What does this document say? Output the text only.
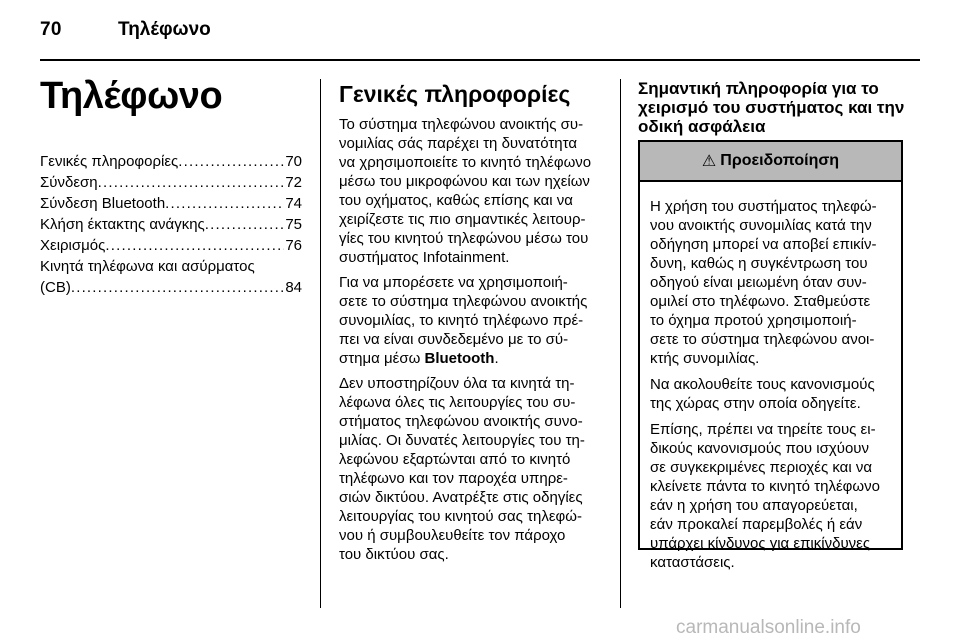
70	Τηλέφωνο
Τηλέφωνο
Γενικές πληροφορίες .....	70
Σύνδεση .....	72
Σύνδεση Bluetooth .....	74
Κλήση έκτακτης ανάγκης .....	75
Χειρισμός .....	76
Κινητά τηλέφωνα και ασύρματος
(CB) .....	84
Γενικές πληροφορίες
Το σύστημα τηλεφώνου ανοικτής συ-
νομιλίας σάς παρέχει τη δυνατότητα
να χρησιμοποιείτε το κινητό τηλέφωνο
μέσω του μικροφώνου και των ηχείων
του οχήματος, καθώς επίσης και να
χειρίζεστε τις πιο σημαντικές λειτουρ-
γίες του κινητού τηλεφώνου μέσω του
συστήματος Infotainment.
Για να μπορέσετε να χρησιμοποιή-
σετε το σύστημα τηλεφώνου ανοικτής
συνομιλίας, το κινητό τηλέφωνο πρέ-
πει να είναι συνδεδεμένο με το σύ-
στημα μέσω Bluetooth.
Δεν υποστηρίζουν όλα τα κινητά τη-
λέφωνα όλες τις λειτουργίες του συ-
στήματος τηλεφώνου ανοικτής συνο-
μιλίας. Οι δυνατές λειτουργίες του τη-
λεφώνου εξαρτώνται από το κινητό
τηλέφωνο και τον παροχέα υπηρε-
σιών δικτύου. Ανατρέξτε στις οδηγίες
λειτουργίας του κινητού σας τηλεφώ-
νου ή συμβουλευθείτε τον πάροχο
του δικτύου σας.
Σημαντική πληροφορία για το
χειρισμό του συστήματος και την
οδική ασφάλεια
⚠ Προειδοποίηση
Η χρήση του συστήματος τηλεφώ-
νου ανοικτής συνομιλίας κατά την
οδήγηση μπορεί να αποβεί επικίν-
δυνη, καθώς η συγκέντρωση του
οδηγού είναι μειωμένη όταν συν-
ομιλεί στο τηλέφωνο. Σταθμεύστε
το όχημα προτού χρησιμοποιή-
σετε το σύστημα τηλεφώνου ανοι-
κτής συνομιλίας.
Να ακολουθείτε τους κανονισμούς
της χώρας στην οποία οδηγείτε.
Επίσης, πρέπει να τηρείτε τους ει-
δικούς κανονισμούς που ισχύουν
σε συγκεκριμένες περιοχές και να
κλείνετε πάντα το κινητό τηλέφωνο
εάν η χρήση του απαγορεύεται,
εάν προκαλεί παρεμβολές ή εάν
υπάρχει κίνδυνος για επικίνδυνες
καταστάσεις.
carmanualsonline.info
